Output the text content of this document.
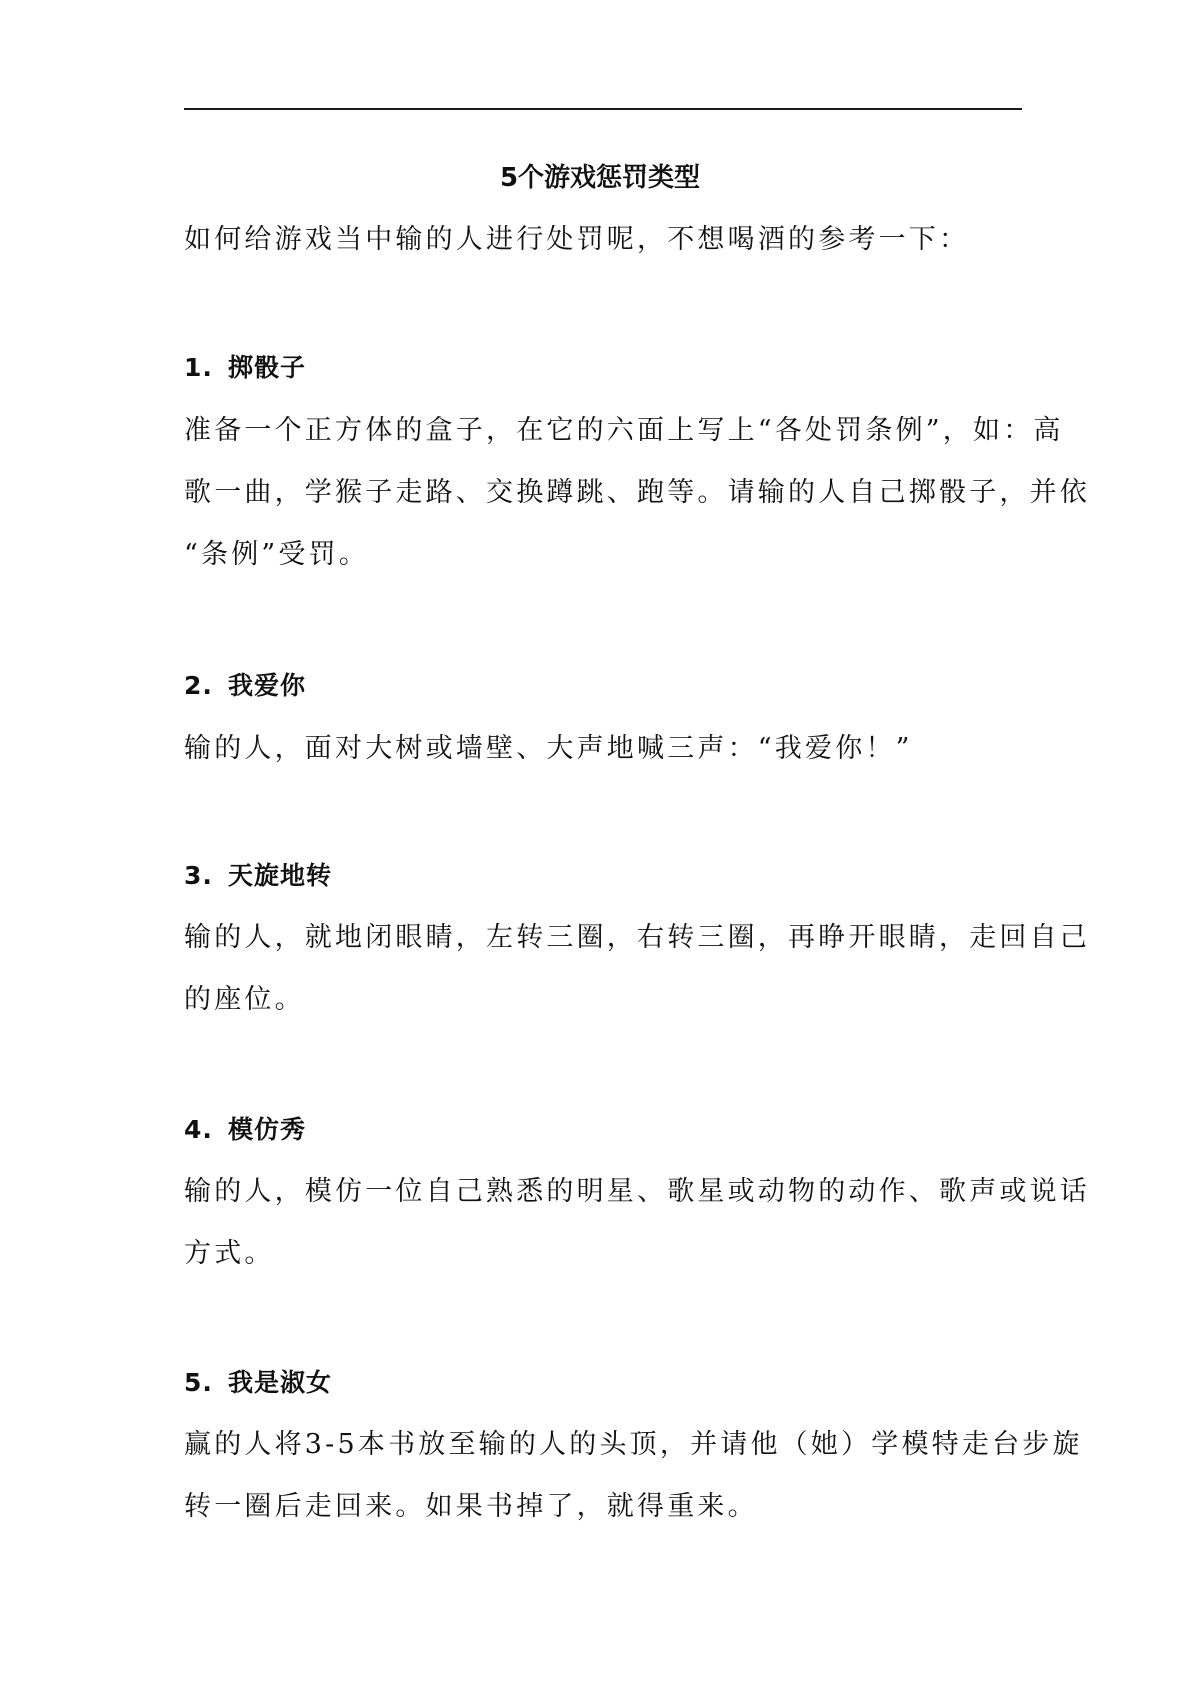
5个游戏惩罚类型
如何给游戏当中输的人进行处罚呢，不想喝酒的参考一下：
1. 掷骰子
准备一个正方体的盒子，在它的六面上写上“各处罚条例”，如：高
歌一曲，学猴子走路、交换蹲跳、跑等。请输的人自己掷骰子，并依
“条例”受罚。
2. 我爱你
输的人，面对大树或墙壁、大声地喊三声：“我爱你！”
3. 天旋地转
输的人，就地闭眼睛，左转三圈，右转三圈，再睁开眼睛，走回自己
的座位。
4. 模仿秀
输的人，模仿一位自己熟悉的明星、歌星或动物的动作、歌声或说话
方式。
5. 我是淑女
赢的人将3-5本书放至输的人的头顶，并请他（她）学模特走台步旋
转一圈后走回来。如果书掉了，就得重来。
